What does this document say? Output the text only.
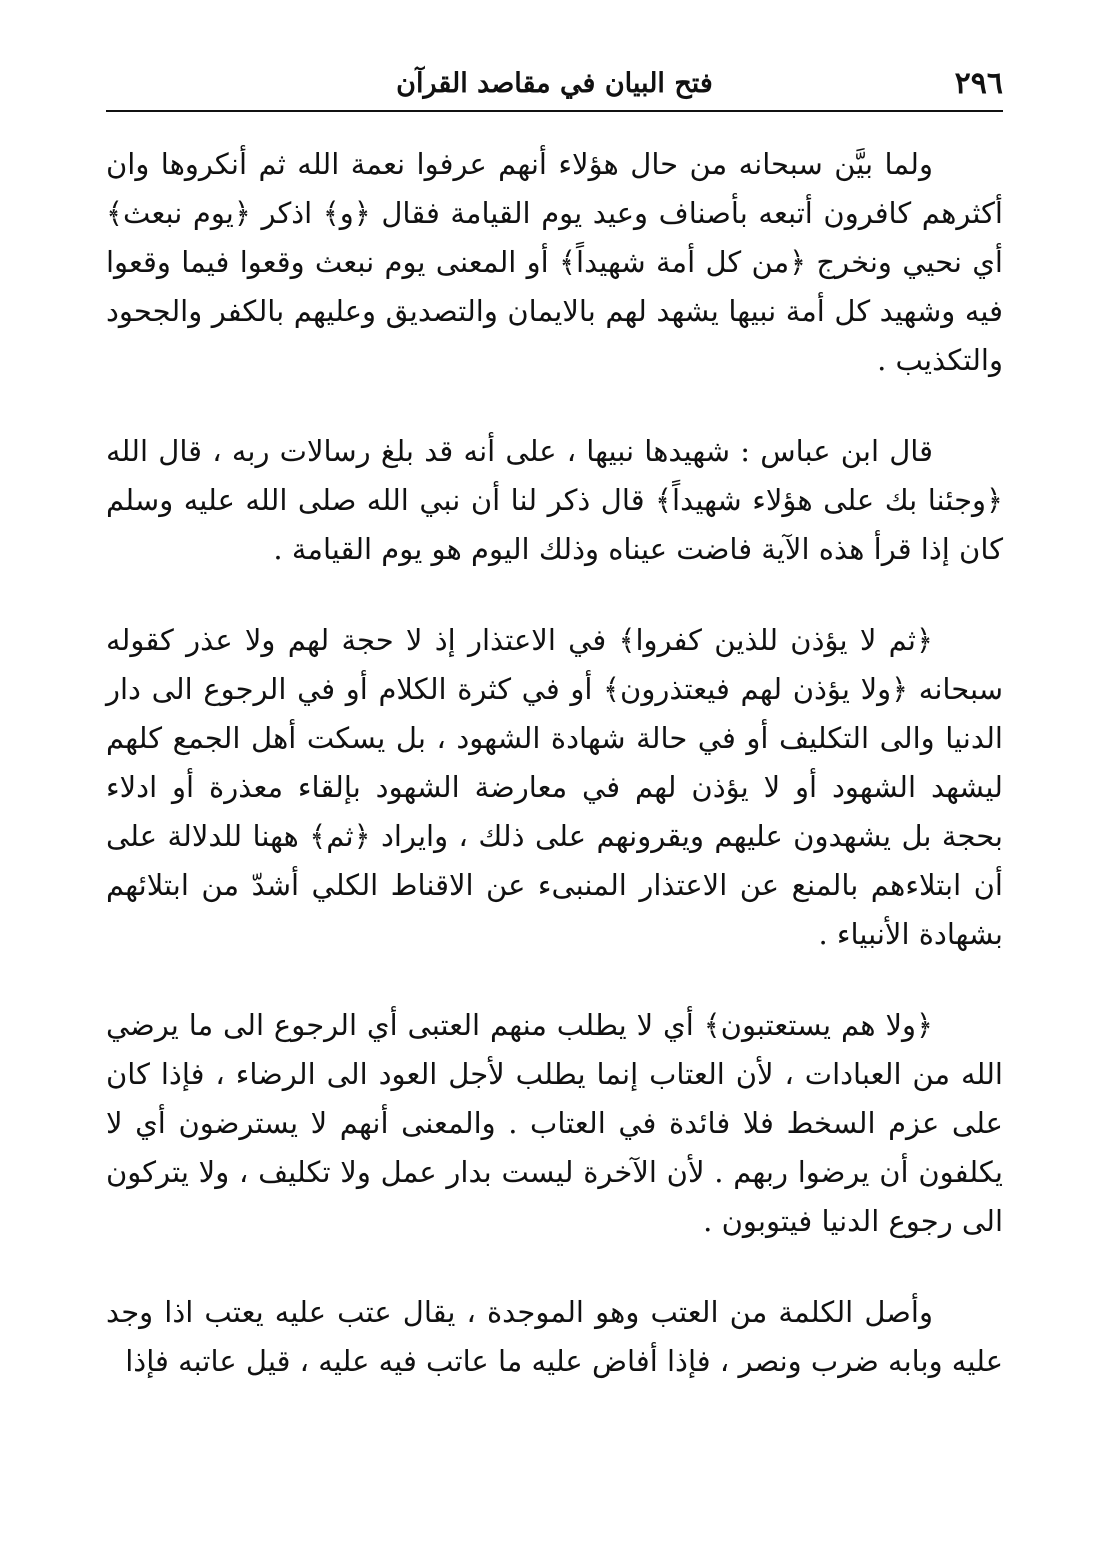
٢٩٦
فتح البيان في مقاصد القرآن

ولما بيَّن سبحانه من حال هؤلاء أنهم عرفوا نعمة الله ثم أنكروها وان أكثرهم كافرون أتبعه بأصناف وعيد يوم القيامة فقال ﴿و﴾ اذكر ﴿يوم نبعث﴾ أي نحيي ونخرج ﴿من كل أمة شهيداً﴾ أو المعنى يوم نبعث وقعوا فيما وقعوا فيه وشهيد كل أمة نبيها يشهد لهم بالايمان والتصديق وعليهم بالكفر والجحود والتكذيب .

قال ابن عباس : شهيدها نبيها ، على أنه قد بلغ رسالات ربه ، قال الله ﴿وجئنا بك على هؤلاء شهيداً﴾ قال ذكر لنا أن نبي الله صلى الله عليه وسلم كان إذا قرأ هذه الآية فاضت عيناه وذلك اليوم هو يوم القيامة .

﴿ثم لا يؤذن للذين كفروا﴾ في الاعتذار إذ لا حجة لهم ولا عذر كقوله سبحانه ﴿ولا يؤذن لهم فيعتذرون﴾ أو في كثرة الكلام أو في الرجوع الى دار الدنيا والى التكليف أو في حالة شهادة الشهود ، بل يسكت أهل الجمع كلهم ليشهد الشهود أو لا يؤذن لهم في معارضة الشهود بإلقاء معذرة أو ادلاء بحجة بل يشهدون عليهم ويقرونهم على ذلك ، وايراد ﴿ثم﴾ ههنا للدلالة على أن ابتلاءهم بالمنع عن الاعتذار المنبىء عن الاقناط الكلي أشدّ من ابتلائهم بشهادة الأنبياء .

﴿ولا هم يستعتبون﴾ أي لا يطلب منهم العتبى أي الرجوع الى ما يرضي الله من العبادات ، لأن العتاب إنما يطلب لأجل العود الى الرضاء ، فإذا كان على عزم السخط فلا فائدة في العتاب . والمعنى أنهم لا يسترضون أي لا يكلفون أن يرضوا ربهم . لأن الآخرة ليست بدار عمل ولا تكليف ، ولا يتركون الى رجوع الدنيا فيتوبون .

وأصل الكلمة من العتب وهو الموجدة ، يقال عتب عليه يعتب اذا وجد عليه وبابه ضرب ونصر ، فإذا أفاض عليه ما عاتب فيه عليه ، قيل عاتبه فإذا
